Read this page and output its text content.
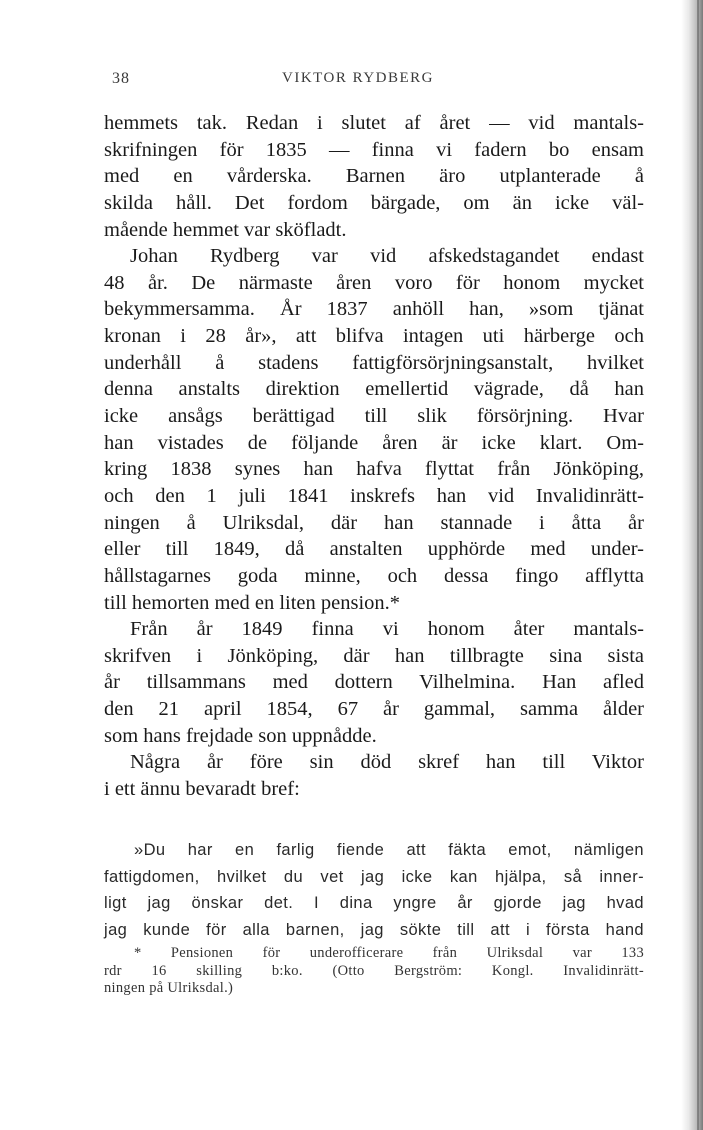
38	VIKTOR RYDBERG
hemmets tak. Redan i slutet af året — vid mantals-
skrifningen för 1835 — finna vi fadern bo ensam
med en vårderska. Barnen äro utplanterade å
skilda håll. Det fordom bärgade, om än icke väl-
mående hemmet var sköfladt.
Johan Rydberg var vid afskedstagandet endast
48 år. De närmaste åren voro för honom mycket
bekymmersamma. År 1837 anhöll han, »som tjänat
kronan i 28 år», att blifva intagen uti härberge och
underhåll å stadens fattigförsörjningsanstalt, hvilket
denna anstalts direktion emellertid vägrade, då han
icke ansågs berättigad till slik försörjning. Hvar
han vistades de följande åren är icke klart. Om-
kring 1838 synes han hafva flyttat från Jönköping,
och den 1 juli 1841 inskrefs han vid Invalidinrätt-
ningen å Ulriksdal, där han stannade i åtta år
eller till 1849, då anstalten upphörde med under-
hållstagarnes goda minne, och dessa fingo afflytta
till hemorten med en liten pension.*
Från år 1849 finna vi honom åter mantals-
skrifven i Jönköping, där han tillbragte sina sista
år tillsammans med dottern Vilhelmina. Han afled
den 21 april 1854, 67 år gammal, samma ålder
som hans frejdade son uppnådde.
Några år före sin död skref han till Viktor
i ett ännu bevaradt bref:
»Du har en farlig fiende att fäkta emot, nämligen
fattigdomen, hvilket du vet jag icke kan hjälpa, så inner-
ligt jag önskar det. I dina yngre år gjorde jag hvad
jag kunde för alla barnen, jag sökte till att i första hand
* Pensionen för underofficerare från Ulriksdal var 133
rdr 16 skilling b:ko. (Otto Bergström: Kongl. Invalidinrätt-
ningen på Ulriksdal.)
